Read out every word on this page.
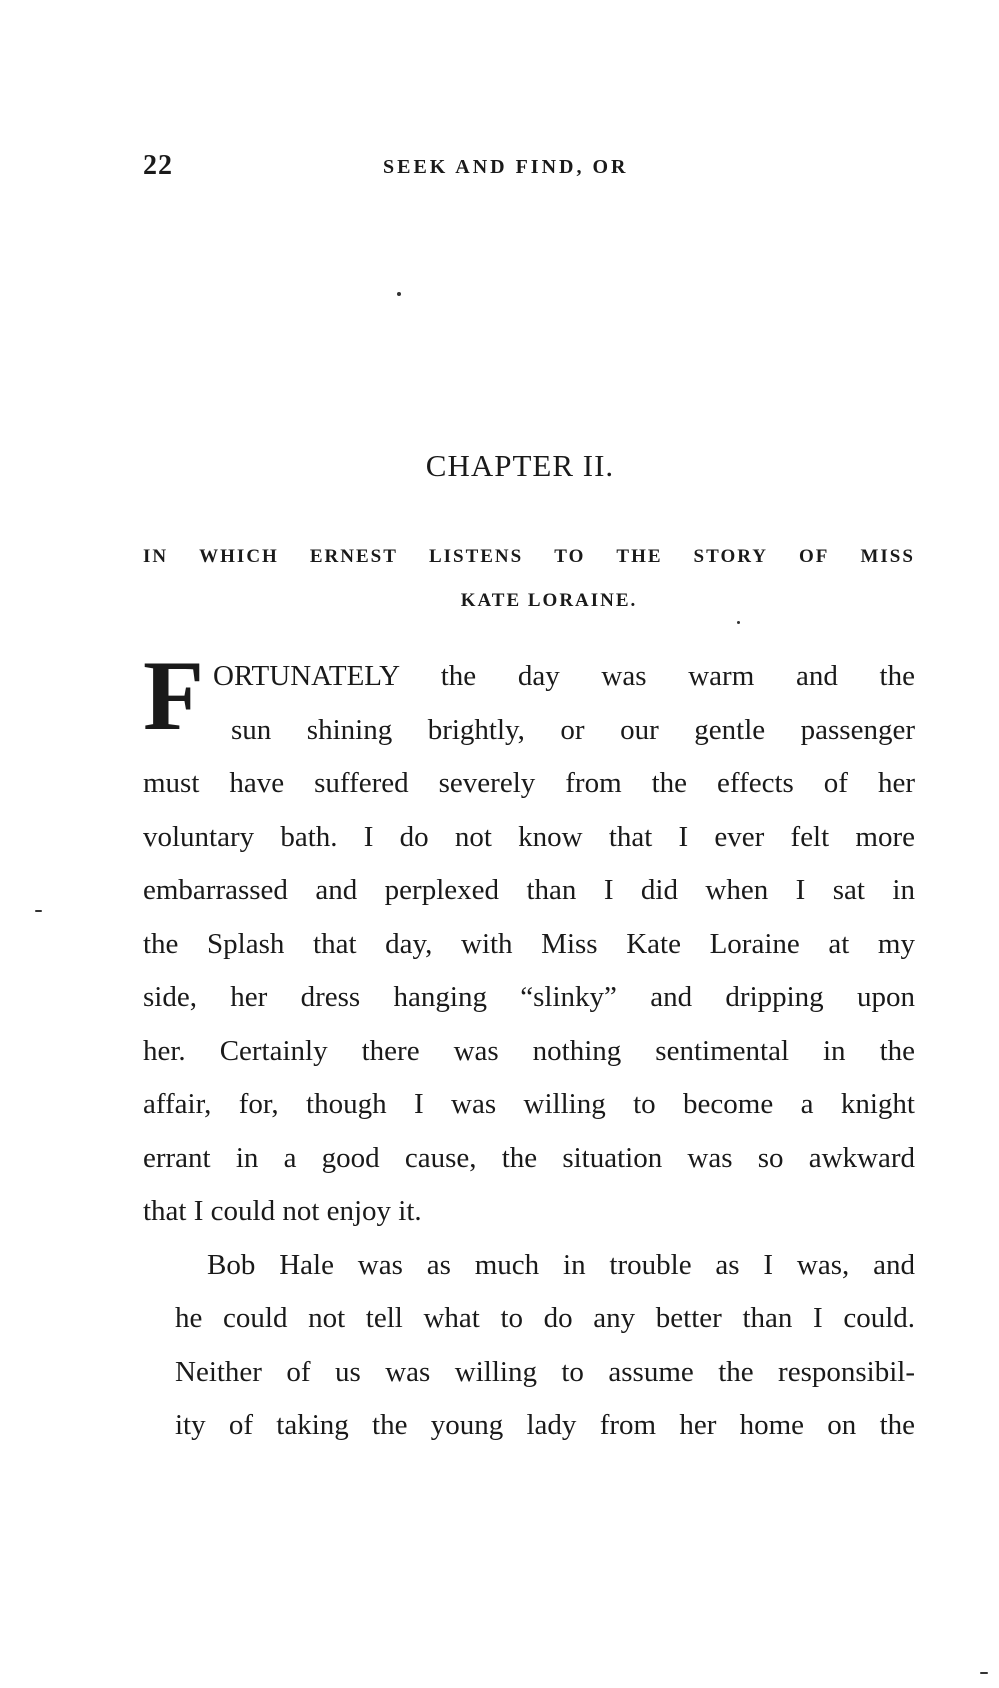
22	SEEK AND FIND, OR
CHAPTER II.
IN WHICH ERNEST LISTENS TO THE STORY OF MISS
KATE LORAINE.

F ORTUNATELY the day was warm and the
sun shining brightly, or our gentle passenger
must have suffered severely from the effects of her
voluntary bath. I do not know that I ever felt more
embarrassed and perplexed than I did when I sat in
the Splash that day, with Miss Kate Loraine at my
side, her dress hanging “slinky” and dripping upon
her. Certainly there was nothing sentimental in the
affair, for, though I was willing to become a knight
errant in a good cause, the situation was so awkward
that I could not enjoy it.

Bob Hale was as much in trouble as I was, and
he could not tell what to do any better than I could.
Neither of us was willing to assume the responsibil-
ity of taking the young lady from her home on the
